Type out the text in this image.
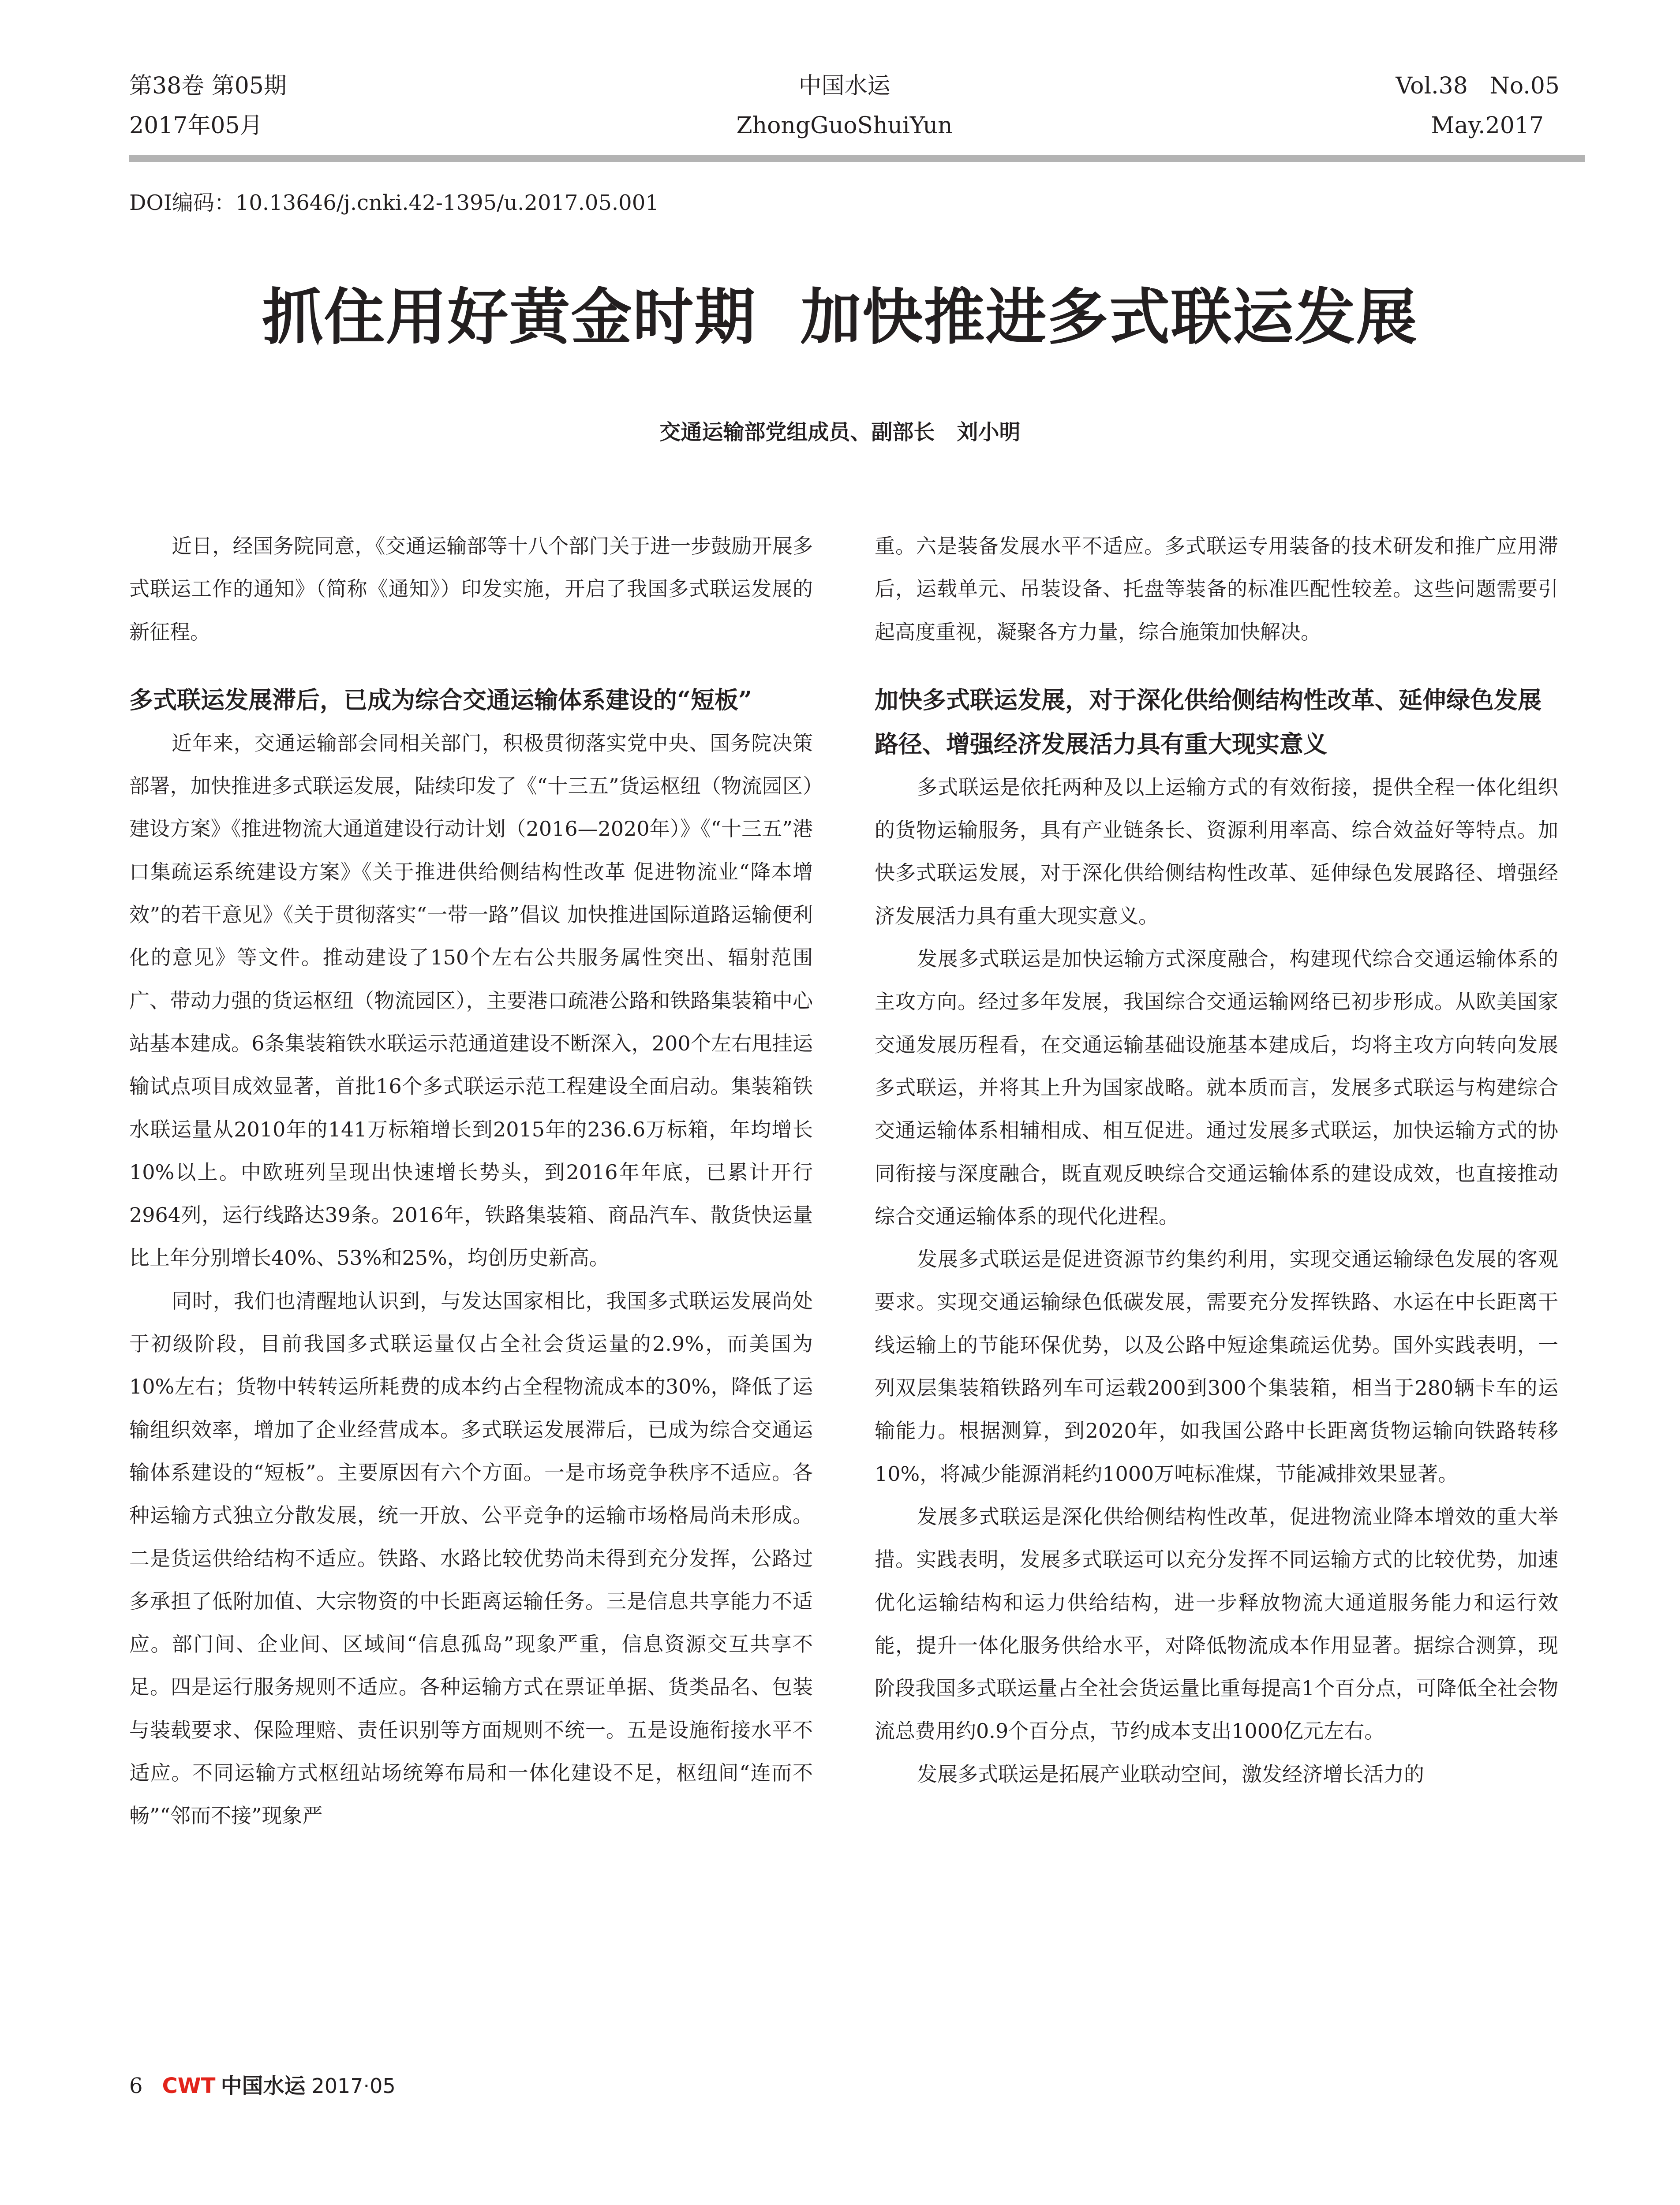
第38卷 第05期
2017年05月
中国水运
ZhongGuoShuiYun
Vol.38   No.05
May.2017
DOI编码：10.13646/j.cnki.42-1395/u.2017.05.001
抓住用好黄金时期  加快推进多式联运发展
交通运输部党组成员、副部长   刘小明

近日，经国务院同意，《交通运输部等十八个部门关于进一步鼓励开展多式联运工作的通知》（简称《通知》）印发实施，开启了我国多式联运发展的新征程。

多式联运发展滞后，已成为综合交通运输体系建设的“短板”

近年来，交通运输部会同相关部门，积极贯彻落实党中央、国务院决策部署，加快推进多式联运发展，陆续印发了《“十三五”货运枢纽（物流园区）建设方案》《推进物流大通道建设行动计划（2016—2020年）》《“十三五”港口集疏运系统建设方案》《关于推进供给侧结构性改革 促进物流业“降本增效”的若干意见》《关于贯彻落实“一带一路”倡议 加快推进国际道路运输便利化的意见》等文件。推动建设了150个左右公共服务属性突出、辐射范围广、带动力强的货运枢纽（物流园区），主要港口疏港公路和铁路集装箱中心站基本建成。6条集装箱铁水联运示范通道建设不断深入，200个左右甩挂运输试点项目成效显著，首批16个多式联运示范工程建设全面启动。集装箱铁水联运量从2010年的141万标箱增长到2015年的236.6万标箱，年均增长10%以上。中欧班列呈现出快速增长势头，到2016年年底，已累计开行2964列，运行线路达39条。2016年，铁路集装箱、商品汽车、散货快运量比上年分别增长40%、53%和25%，均创历史新高。

同时，我们也清醒地认识到，与发达国家相比，我国多式联运发展尚处于初级阶段，目前我国多式联运量仅占全社会货运量的2.9%，而美国为10%左右；货物中转转运所耗费的成本约占全程物流成本的30%，降低了运输组织效率，增加了企业经营成本。多式联运发展滞后，已成为综合交通运输体系建设的“短板”。主要原因有六个方面。一是市场竞争秩序不适应。各种运输方式独立分散发展，统一开放、公平竞争的运输市场格局尚未形成。二是货运供给结构不适应。铁路、水路比较优势尚未得到充分发挥，公路过多承担了低附加值、大宗物资的中长距离运输任务。三是信息共享能力不适应。部门间、企业间、区域间“信息孤岛”现象严重，信息资源交互共享不足。四是运行服务规则不适应。各种运输方式在票证单据、货类品名、包装与装载要求、保险理赔、责任识别等方面规则不统一。五是设施衔接水平不适应。不同运输方式枢纽站场统筹布局和一体化建设不足，枢纽间“连而不畅”“邻而不接”现象严

重。六是装备发展水平不适应。多式联运专用装备的技术研发和推广应用滞后，运载单元、吊装设备、托盘等装备的标准匹配性较差。这些问题需要引起高度重视，凝聚各方力量，综合施策加快解决。

加快多式联运发展，对于深化供给侧结构性改革、延伸绿色发展路径、增强经济发展活力具有重大现实意义

多式联运是依托两种及以上运输方式的有效衔接，提供全程一体化组织的货物运输服务，具有产业链条长、资源利用率高、综合效益好等特点。加快多式联运发展，对于深化供给侧结构性改革、延伸绿色发展路径、增强经济发展活力具有重大现实意义。

发展多式联运是加快运输方式深度融合，构建现代综合交通运输体系的主攻方向。经过多年发展，我国综合交通运输网络已初步形成。从欧美国家交通发展历程看，在交通运输基础设施基本建成后，均将主攻方向转向发展多式联运，并将其上升为国家战略。就本质而言，发展多式联运与构建综合交通运输体系相辅相成、相互促进。通过发展多式联运，加快运输方式的协同衔接与深度融合，既直观反映综合交通运输体系的建设成效，也直接推动综合交通运输体系的现代化进程。

发展多式联运是促进资源节约集约利用，实现交通运输绿色发展的客观要求。实现交通运输绿色低碳发展，需要充分发挥铁路、水运在中长距离干线运输上的节能环保优势，以及公路中短途集疏运优势。国外实践表明，一列双层集装箱铁路列车可运载200到300个集装箱，相当于280辆卡车的运输能力。根据测算，到2020年，如我国公路中长距离货物运输向铁路转移10%，将减少能源消耗约1000万吨标准煤，节能减排效果显著。

发展多式联运是深化供给侧结构性改革，促进物流业降本增效的重大举措。实践表明，发展多式联运可以充分发挥不同运输方式的比较优势，加速优化运输结构和运力供给结构，进一步释放物流大通道服务能力和运行效能，提升一体化服务供给水平，对降低物流成本作用显著。据综合测算，现阶段我国多式联运量占全社会货运量比重每提高1个百分点，可降低全社会物流总费用约0.9个百分点，节约成本支出1000亿元左右。

发展多式联运是拓展产业联动空间，激发经济增长活力的

6 CWT 中国水运 2017·05
